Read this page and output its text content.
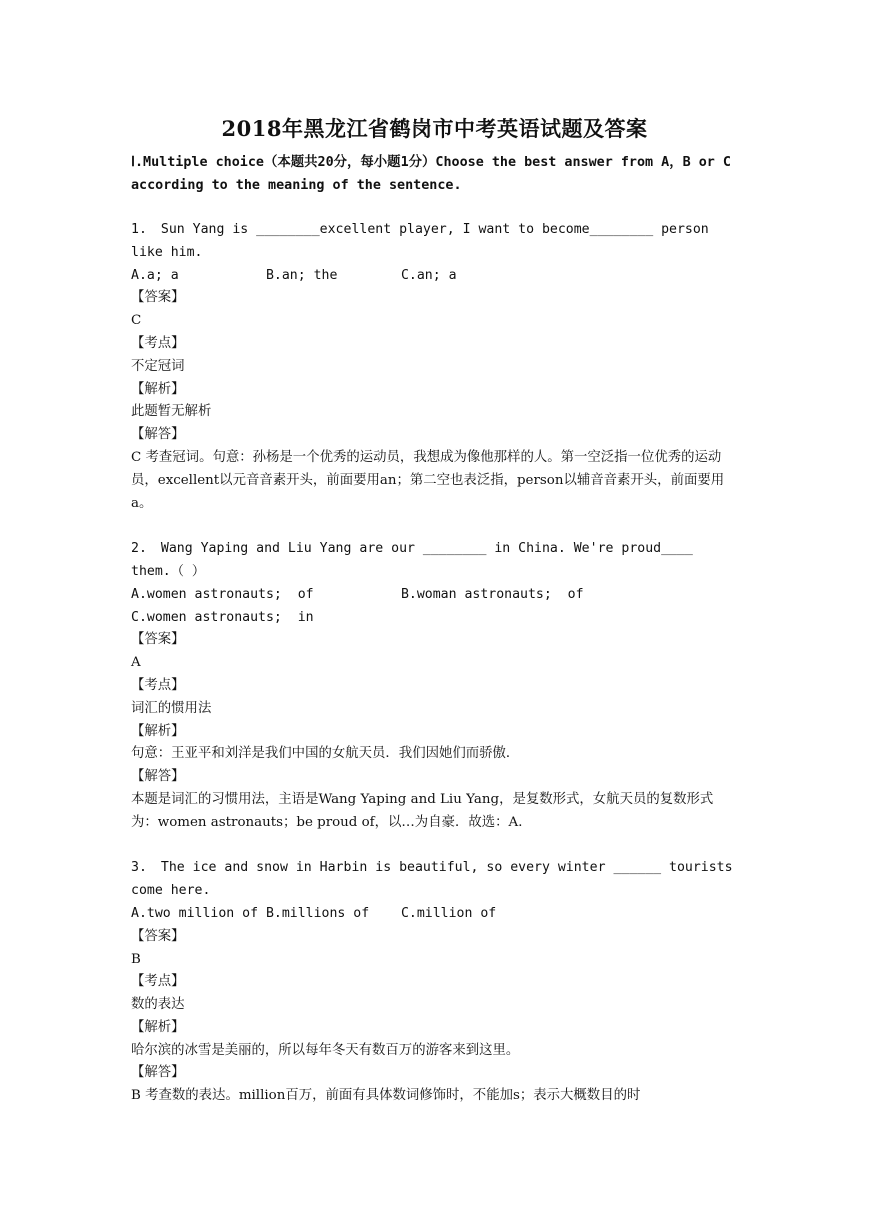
2018年黑龙江省鹤岗市中考英语试题及答案
Ⅰ.Multiple choice（本题共20分，每小题1分）Choose the best answer from A，B or C according to the meaning of the sentence.
1. Sun Yang is ________excellent player, I want to become________ person like him.
A.a; a           B.an; the        C.an; a
【答案】
C
【考点】
不定冠词
【解析】
此题暂无解析
【解答】
C 考查冠词。句意：孙杨是一个优秀的运动员，我想成为像他那样的人。第一空泛指一位优秀的运动员，excellent以元音音素开头，前面要用an；第二空也表泛指，person以辅音音素开头，前面要用a。
2. Wang Yaping and Liu Yang are our ________ in China. We're proud____ them.（ ）
A.women astronauts;  of           B.woman astronauts;  of
C.women astronauts;  in
【答案】
A
【考点】
词汇的惯用法
【解析】
句意：王亚平和刘洋是我们中国的女航天员．我们因她们而骄傲．
【解答】
本题是词汇的习惯用法，主语是Wang Yaping and Liu Yang，是复数形式，女航天员的复数形式为：women astronauts；be proud of，以…为自豪．故选：A．
3. The ice and snow in Harbin is beautiful, so every winter ______ tourists come here.
A.two million of B.millions of    C.million of
【答案】
B
【考点】
数的表达
【解析】
哈尔滨的冰雪是美丽的，所以每年冬天有数百万的游客来到这里。
【解答】
B 考查数的表达。million百万，前面有具体数词修饰时，不能加s；表示大概数目的时
